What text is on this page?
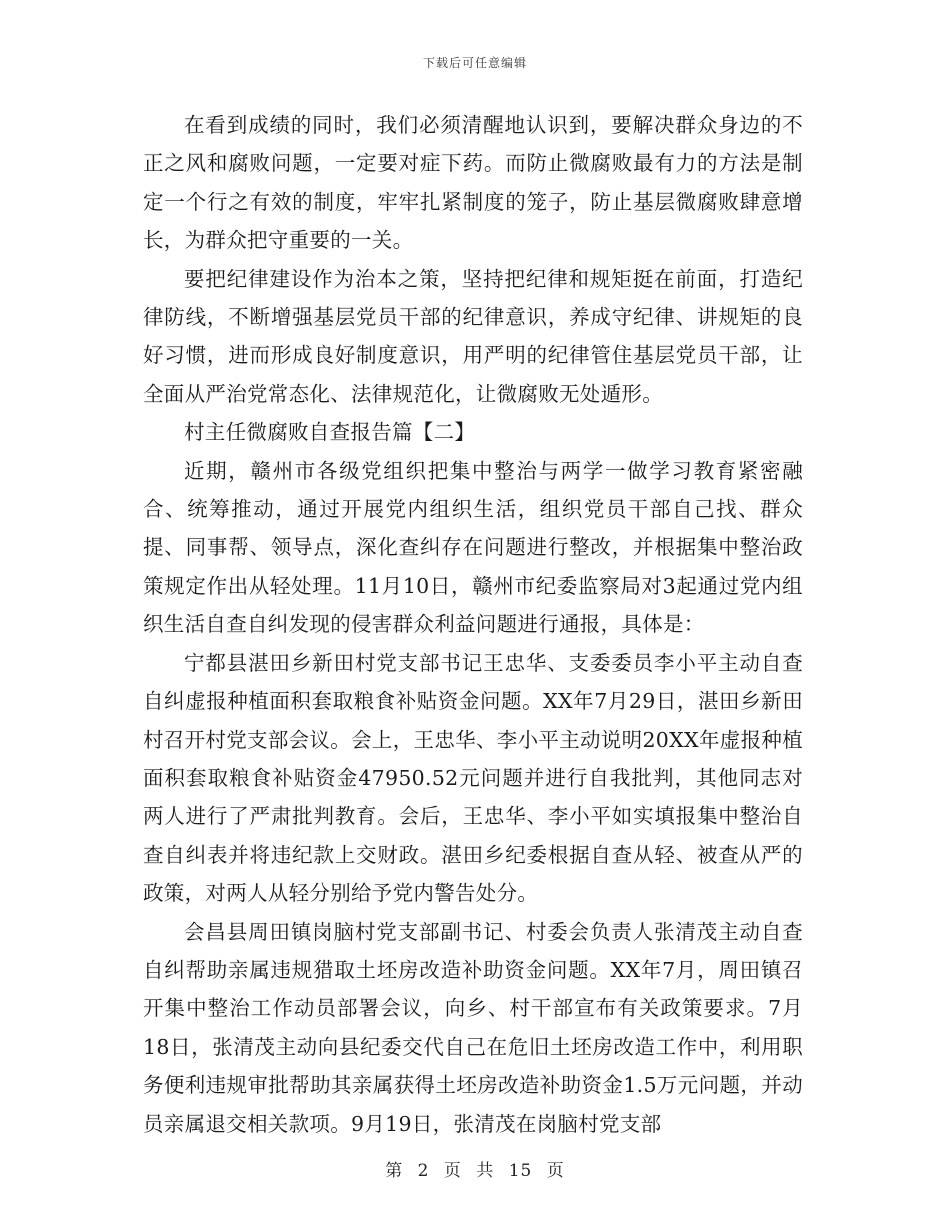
下载后可任意编辑

在看到成绩的同时，我们必须清醒地认识到，要解决群众身边的不正之风和腐败问题，一定要对症下药。而防止微腐败最有力的方法是制定一个行之有效的制度，牢牢扎紧制度的笼子，防止基层微腐败肆意增长，为群众把守重要的一关。

要把纪律建设作为治本之策，坚持把纪律和规矩挺在前面，打造纪律防线，不断增强基层党员干部的纪律意识，养成守纪律、讲规矩的良好习惯，进而形成良好制度意识，用严明的纪律管住基层党员干部，让全面从严治党常态化、法律规范化，让微腐败无处遁形。

村主任微腐败自查报告篇【二】

近期，赣州市各级党组织把集中整治与两学一做学习教育紧密融合、统筹推动，通过开展党内组织生活，组织党员干部自己找、群众提、同事帮、领导点，深化查纠存在问题进行整改，并根据集中整治政策规定作出从轻处理。11月10日，赣州市纪委监察局对3起通过党内组织生活自查自纠发现的侵害群众利益问题进行通报，具体是：

宁都县湛田乡新田村党支部书记王忠华、支委委员李小平主动自查自纠虚报种植面积套取粮食补贴资金问题。XX年7月29日，湛田乡新田村召开村党支部会议。会上，王忠华、李小平主动说明20XX年虚报种植面积套取粮食补贴资金47950.52元问题并进行自我批判，其他同志对两人进行了严肃批判教育。会后，王忠华、李小平如实填报集中整治自查自纠表并将违纪款上交财政。湛田乡纪委根据自查从轻、被查从严的政策，对两人从轻分别给予党内警告处分。

会昌县周田镇岗脑村党支部副书记、村委会负责人张清茂主动自查自纠帮助亲属违规猎取土坯房改造补助资金问题。XX年7月，周田镇召开集中整治工作动员部署会议，向乡、村干部宣布有关政策要求。7月18日，张清茂主动向县纪委交代自己在危旧土坯房改造工作中，利用职务便利违规审批帮助其亲属获得土坯房改造补助资金1.5万元问题，并动员亲属退交相关款项。9月19日，张清茂在岗脑村党支部

第 2 页 共 15 页
